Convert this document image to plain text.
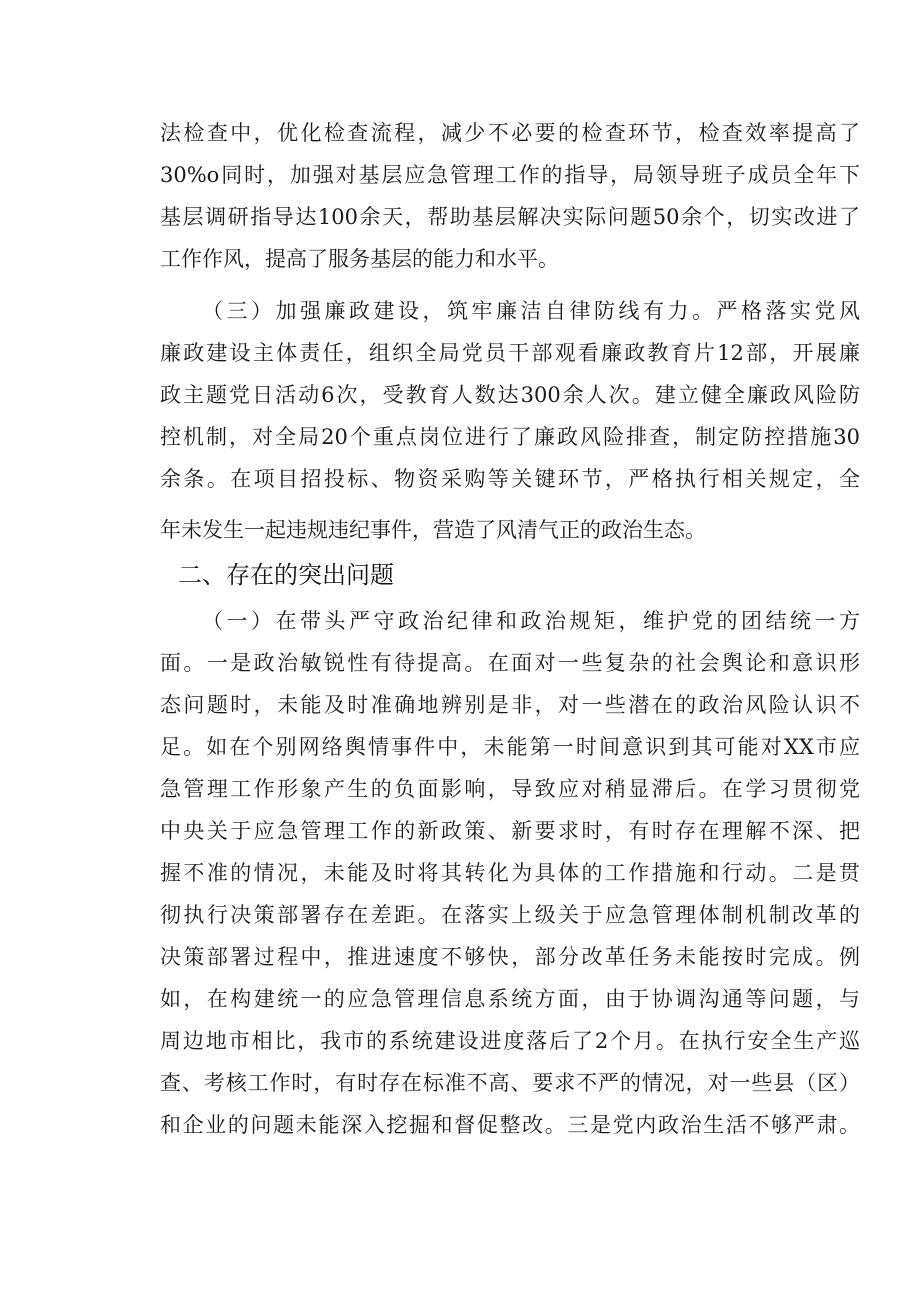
法检查中，优化检查流程，减少不必要的检查环节，检查效率提高了
30%o同时，加强对基层应急管理工作的指导，局领导班子成员全年下
基层调研指导达100余天，帮助基层解决实际问题50余个，切实改进了
工作作风，提高了服务基层的能力和水平。
（三）加强廉政建设，筑牢廉洁自律防线有力。严格落实党风
廉政建设主体责任，组织全局党员干部观看廉政教育片12部，开展廉
政主题党日活动6次，受教育人数达300余人次。建立健全廉政风险防
控机制，对全局20个重点岗位进行了廉政风险排查，制定防控措施30
余条。在项目招投标、物资采购等关键环节，严格执行相关规定，全
年未发生一起违规违纪事件，营造了风清气正的政治生态。
二、存在的突出问题
（一）在带头严守政治纪律和政治规矩，维护党的团结统一方
面。一是政治敏锐性有待提高。在面对一些复杂的社会舆论和意识形
态问题时，未能及时准确地辨别是非，对一些潜在的政治风险认识不
足。如在个别网络舆情事件中，未能第一时间意识到其可能对XX市应
急管理工作形象产生的负面影响，导致应对稍显滞后。在学习贯彻党
中央关于应急管理工作的新政策、新要求时，有时存在理解不深、把
握不准的情况，未能及时将其转化为具体的工作措施和行动。二是贯
彻执行决策部署存在差距。在落实上级关于应急管理体制机制改革的
决策部署过程中，推进速度不够快，部分改革任务未能按时完成。例
如，在构建统一的应急管理信息系统方面，由于协调沟通等问题，与
周边地市相比，我市的系统建设进度落后了2个月。在执行安全生产巡
查、考核工作时，有时存在标准不高、要求不严的情况，对一些县（区）
和企业的问题未能深入挖掘和督促整改。三是党内政治生活不够严肃。
